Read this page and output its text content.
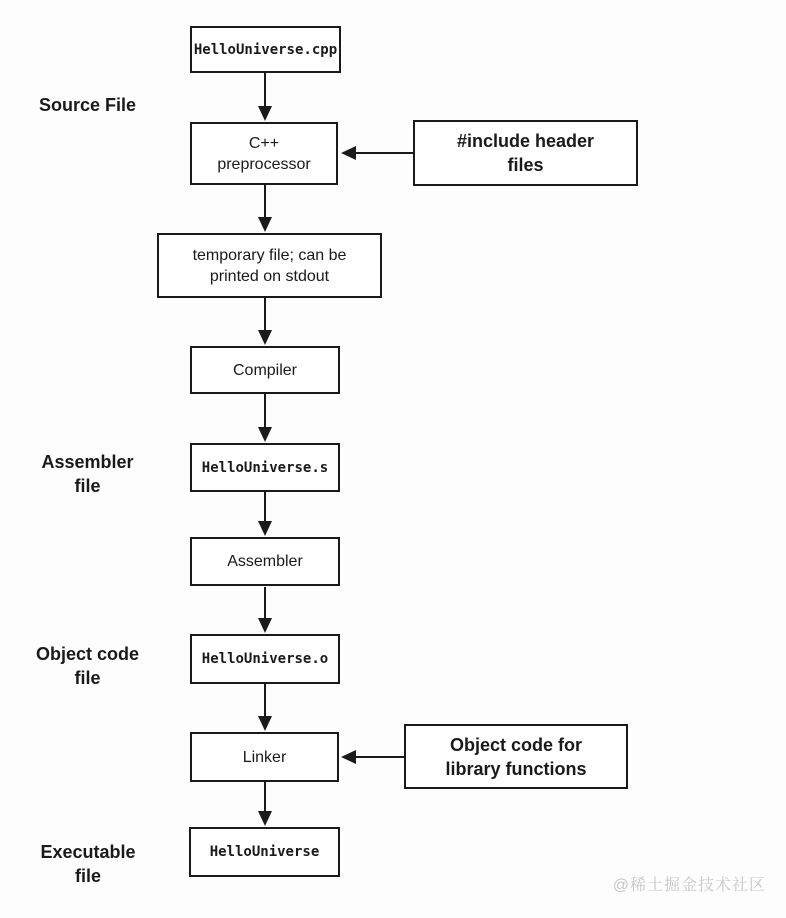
Source File
Assembler
file
Object code
file
Executable
file
HelloUniverse.cpp
C++
preprocessor
temporary file; can be
printed on stdout
Compiler
HelloUniverse.s
Assembler
HelloUniverse.o
Linker
HelloUniverse
#include header
files
Object code for
library functions
@稀土掘金技术社区
